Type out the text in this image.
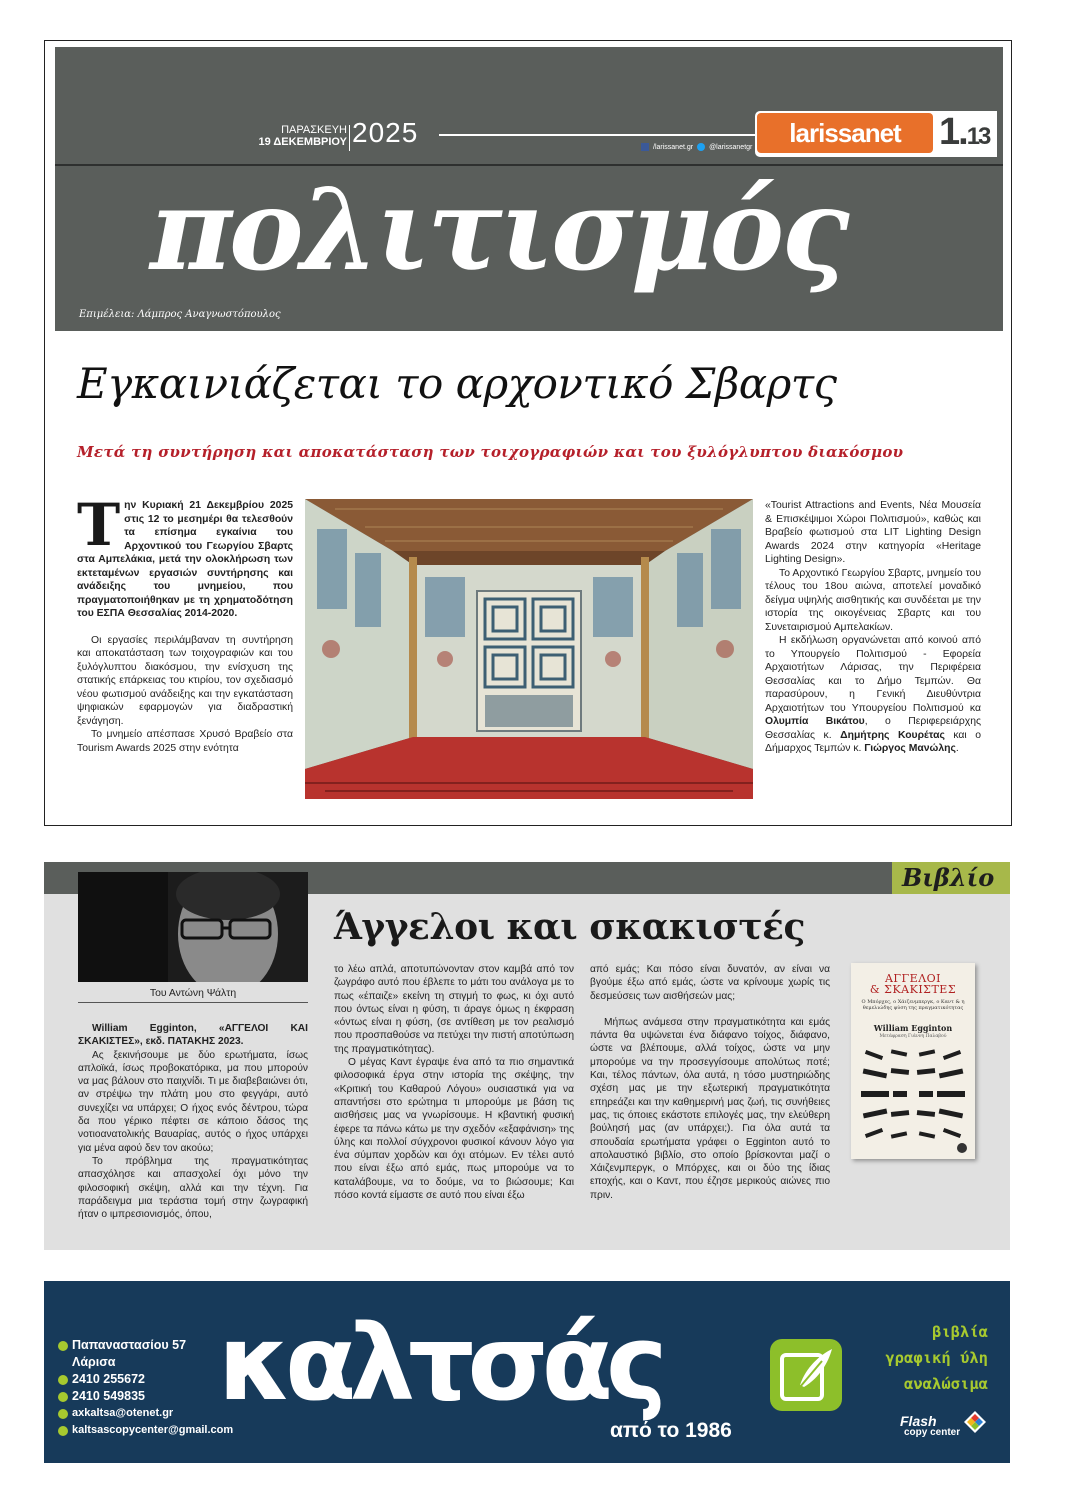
ΠΑΡΑΣΚΕΥΗ
19 ΔΕΚΕΜΒΡΙΟΥ 2025	/larissanet.gr @larissanetgr	larissanet	1.13
πολιτισμός
Επιμέλεια: Λάμπρος Αναγνωστόπουλος
Εγκαινιάζεται το αρχοντικό Σβαρτς
Μετά τη συντήρηση και αποκατάσταση των τοιχογραφιών και του ξυλόγλυπτου διακόσμου

Την Κυριακή 21 Δεκεμβρίου 2025 στις 12 το μεσημέρι θα τελεσθούν τα επίσημα εγκαίνια του Αρχοντικού του Γεωργίου Σβαρτς στα Αμπελάκια, μετά την ολοκλήρωση των εκτεταμένων εργασιών συντήρησης και ανάδειξης του μνημείου, που πραγματοποιήθηκαν με τη χρηματοδότηση του ΕΣΠΑ Θεσσαλίας 2014-2020.

Οι εργασίες περιλάμβαναν τη συντήρηση και αποκατάσταση των τοιχογραφιών και του ξυλόγλυπτου διακόσμου, την ενίσχυση της στατικής επάρκειας του κτιρίου, τον σχεδιασμό νέου φωτισμού ανάδειξης και την εγκατάσταση ψηφιακών εφαρμογών για διαδραστική ξενάγηση.

Το μνημείο απέσπασε Χρυσό Βραβείο στα Tourism Awards 2025 στην ενότητα

«Tourist Attractions and Events, Νέα Μουσεία & Επισκέψιμοι Χώροι Πολιτισμού», καθώς και Βραβείο φωτισμού στα LIT Lighting Design Awards 2024 στην κατηγορία «Heritage Lighting Design».

Το Αρχοντικό Γεωργίου Σβαρτς, μνημείο του τέλους του 18ου αιώνα, αποτελεί μοναδικό δείγμα υψηλής αισθητικής και συνδέεται με την ιστορία της οικογένειας Σβαρτς και του Συνεταιρισμού Αμπελακίων.

Η εκδήλωση οργανώνεται από κοινού από το Υπουργείο Πολιτισμού - Εφορεία Αρχαιοτήτων Λάρισας, την Περιφέρεια Θεσσαλίας και το Δήμο Τεμπών. Θα παρασύρουν, η Γενική Διευθύντρια Αρχαιοτήτων του Υπουργείου Πολιτισμού κα Ολυμπία Βικάτου, ο Περιφερειάρχης Θεσσαλίας κ. Δημήτρης Κουρέτας και ο Δήμαρχος Τεμπών κ. Γιώργος Μανώλης.

Βιβλίο
Του Αντώνη Ψάλτη
Άγγελοι και σκακιστές

William Egginton, «ΑΓΓΕΛΟΙ ΚΑΙ ΣΚΑΚΙΣΤΕΣ», εκδ. ΠΑΤΑΚΗΣ 2023.

Ας ξεκινήσουμε με δύο ερωτήματα, ίσως απλοϊκά, ίσως προβοκατόρικα, μα που μπορούν να μας βάλουν στο παιχνίδι. Τι με διαβεβαιώνει ότι, αν στρέψω την πλάτη μου στο φεγγάρι, αυτό συνεχίζει να υπάρχει; Ο ήχος ενός δέντρου, τώρα δα που γέρικο πέφτει σε κάποιο δάσος της νοτιοανατολικής Βαυαρίας, αυτός ο ήχος υπάρχει για μένα αφού δεν τον ακούω;

Το πρόβλημα της πραγματικότητας απασχόλησε και απασχολεί όχι μόνο την φιλοσοφική σκέψη, αλλά και την τέχνη. Για παράδειγμα μια τεράστια τομή στην ζωγραφική ήταν ο ιμπρεσιονισμός, όπου,

το λέω απλά, αποτυπώνονταν στον καμβά από τον ζωγράφο αυτό που έβλεπε το μάτι του ανάλογα με το πως «έπαιζε» εκείνη τη στιγμή το φως, κι όχι αυτό που όντως είναι η φύση, τι άραγε όμως η έκφραση «όντως είναι η φύση, (σε αντίθεση με τον ρεαλισμό που προσπαθούσε να πετύχει την πιστή αποτύπωση της πραγματικότητας).

Ο μέγας Καντ έγραψε ένα από τα πιο σημαντικά φιλοσοφικά έργα στην ιστορία της σκέψης, την «Κριτική του Καθαρού Λόγου» ουσιαστικά για να απαντήσει στο ερώτημα τι μπορούμε με βάση τις αισθήσεις μας να γνωρίσουμε. Η κβαντική φυσική έφερε τα πάνω κάτω με την σχεδόν «εξαφάνιση» της ύλης και πολλοί σύγχρονοι φυσικοί κάνουν λόγο για ένα σύμπαν χορδών και όχι ατόμων. Εν τέλει αυτό που είναι έξω από εμάς, πως μπορούμε να το καταλάβουμε, να το δούμε, να το βιώσουμε; Και πόσο κοντά είμαστε σε αυτό που είναι έξω

από εμάς; Και πόσο είναι δυνατόν, αν είναι να βγούμε έξω από εμάς, ώστε να κρίνουμε χωρίς τις δεσμεύσεις των αισθήσεών μας;

Μήπως ανάμεσα στην πραγματικότητα και εμάς πάντα θα υψώνεται ένα διάφανο τοίχος, διάφανο, ώστε να βλέπουμε, αλλά τοίχος, ώστε να μην μπορούμε να την προσεγγίσουμε απολύτως ποτέ; Και, τέλος πάντων, όλα αυτά, η τόσο μυστηριώδης σχέση μας με την εξωτερική πραγματικότητα επηρεάζει και την καθημερινή μας ζωή, τις συνήθειες μας, τις όποιες εκάστοτε επιλογές μας, την ελεύθερη βούλησή μας (αν υπάρχει;). Για όλα αυτά τα σπουδαία ερωτήματα γράφει ο Egginton αυτό το απολαυστικό βιβλίο, στο οποίο βρίσκονται μαζί ο Χάιζενμπεργκ, ο Μπόρχες, και οι δύο της ίδιας εποχής, και ο Καντ, που έζησε μερικούς αιώνες πιο πριν.

ΑΓΓΕΛΟΙ
& ΣΚΑΚΙΣΤΕΣ
Ο Μπόρχες, ο Χάιζενμπεργκ, ο Καντ & η θεμελιώδης φύση της πραγματικότητας
William Egginton
Μετάφραση Γιάννη Παλαβού
Παπαναστασίου 57
Λάρισα
2410 255672
2410 549835
axkaltsa@otenet.gr
kaltsascopycenter@gmail.com
καλτσάς
από το 1986
βιβλία
γραφική ύλη
αναλώσιμα
Flash
copy center
